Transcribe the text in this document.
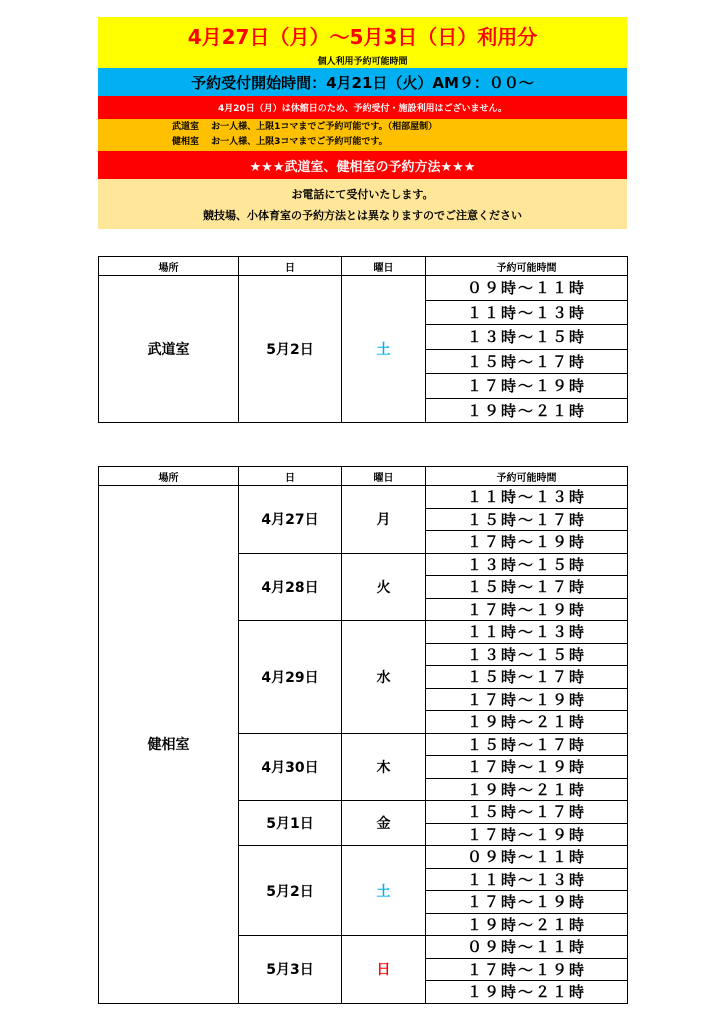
4月27日（月）～5月3日（日）利用分
個人利用予約可能時間
予約受付開始時間：4月21日（火）AM９：００～
4月20日（月）は休館日のため、予約受付・施設利用はございません。
武道室　 お一人様、上限1コマまでご予約可能です。（相部屋制）
健相室　 お一人様、上限3コマまでご予約可能です。
★★★武道室、健相室の予約方法★★★
お電話にて受付いたします。
競技場、小体育室の予約方法とは異なりますのでご注意ください
場所	日	曜日	予約可能時間
武道室	5月2日	土	０９時～１１時
			１１時～１３時
			１３時～１５時
			１５時～１７時
			１７時～１９時
			１９時～２１時
場所	日	曜日	予約可能時間
健相室	4月27日	月	１１時～１３時
			１５時～１７時
			１７時～１９時
	4月28日	火	１３時～１５時
			１５時～１７時
			１７時～１９時
	4月29日	水	１１時～１３時
			１３時～１５時
			１５時～１７時
			１７時～１９時
			１９時～２１時
	4月30日	木	１５時～１７時
			１７時～１９時
			１９時～２１時
	5月1日	金	１５時～１７時
			１７時～１９時
	5月2日	土	０９時～１１時
			１１時～１３時
			１７時～１９時
			１９時～２１時
	5月3日	日	０９時～１１時
			１７時～１９時
			１９時～２１時
